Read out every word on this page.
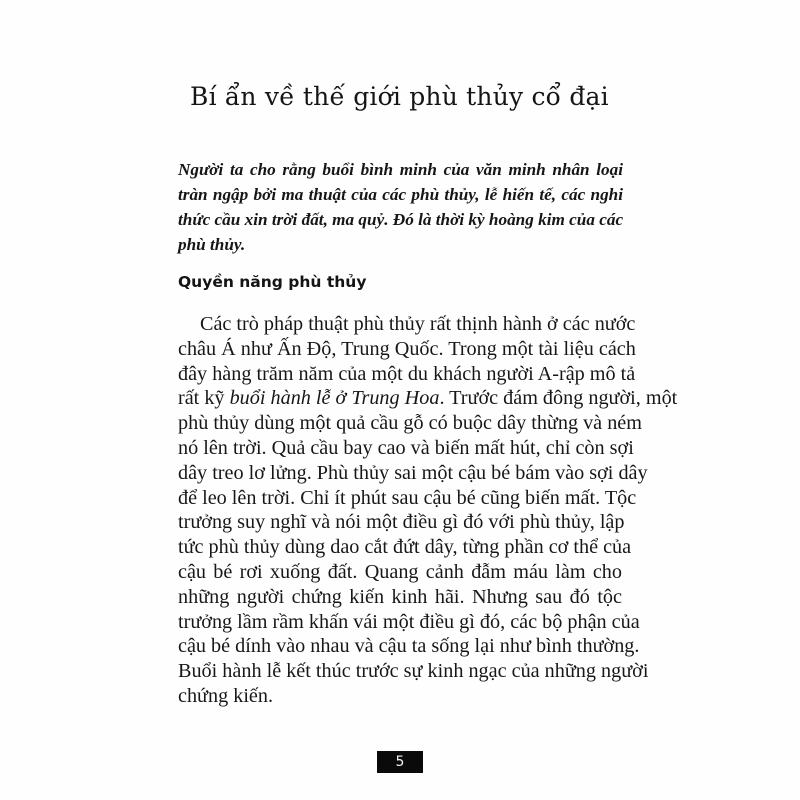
Bí ẩn về thế giới phù thủy cổ đại
Người ta cho rằng buổi bình minh của văn minh nhân loại
tràn ngập bởi ma thuật của các phù thủy, lễ hiến tế, các nghi
thức cầu xin trời đất, ma quỷ. Đó là thời kỳ hoàng kim của các
phù thủy.
Quyền năng phù thủy
Các trò pháp thuật phù thủy rất thịnh hành ở các nước
châu Á như Ấn Độ, Trung Quốc. Trong một tài liệu cách
đây hàng trăm năm của một du khách người A-rập mô tả
rất kỹ buổi hành lễ ở Trung Hoa. Trước đám đông người, một
phù thủy dùng một quả cầu gỗ có buộc dây thừng và ném
nó lên trời. Quả cầu bay cao và biến mất hút, chỉ còn sợi
dây treo lơ lửng. Phù thủy sai một cậu bé bám vào sợi dây
để leo lên trời. Chỉ ít phút sau cậu bé cũng biến mất. Tộc
trưởng suy nghĩ và nói một điều gì đó với phù thủy, lập
tức phù thủy dùng dao cắt đứt dây, từng phần cơ thể của
cậu bé rơi xuống đất. Quang cảnh đẫm máu làm cho
những người chứng kiến kinh hãi. Nhưng sau đó tộc
trưởng lầm rầm khấn vái một điều gì đó, các bộ phận của
cậu bé dính vào nhau và cậu ta sống lại như bình thường.
Buổi hành lễ kết thúc trước sự kinh ngạc của những người
chứng kiến.
5
